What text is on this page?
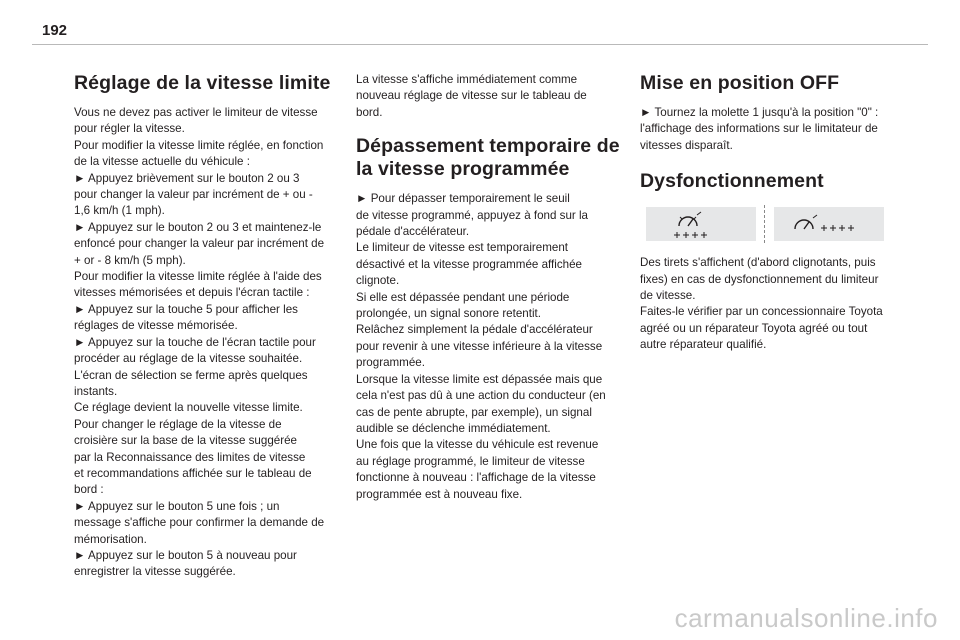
192
Réglage de la vitesse limite

Vous ne devez pas activer le limiteur de vitesse
pour régler la vitesse.
Pour modifier la vitesse limite réglée, en fonction
de la vitesse actuelle du véhicule :
► Appuyez brièvement sur le bouton 2 ou 3
pour changer la valeur par incrément de + ou -
1,6 km/h (1 mph).
► Appuyez sur le bouton 2 ou 3 et maintenez-le
enfoncé pour changer la valeur par incrément de
+ or - 8 km/h (5 mph).
Pour modifier la vitesse limite réglée à l'aide des
vitesses mémorisées et depuis l'écran tactile :
► Appuyez sur la touche 5 pour afficher les
réglages de vitesse mémorisée.
► Appuyez sur la touche de l'écran tactile pour
procéder au réglage de la vitesse souhaitée.
L'écran de sélection se ferme après quelques
instants.
Ce réglage devient la nouvelle vitesse limite.
Pour changer le réglage de la vitesse de
croisière sur la base de la vitesse suggérée
par la Reconnaissance des limites de vitesse
et recommandations affichée sur le tableau de
bord :
► Appuyez sur le bouton 5 une fois ; un
message s'affiche pour confirmer la demande de
mémorisation.
► Appuyez sur le bouton 5 à nouveau pour
enregistrer la vitesse suggérée.

La vitesse s'affiche immédiatement comme
nouveau réglage de vitesse sur le tableau de
bord.

Dépassement temporaire de la vitesse programmée

► Pour dépasser temporairement le seuil
de vitesse programmé, appuyez à fond sur la
pédale d'accélérateur.
Le limiteur de vitesse est temporairement
désactivé et la vitesse programmée affichée
clignote.
Si elle est dépassée pendant une période
prolongée, un signal sonore retentit.
Relâchez simplement la pédale d'accélérateur
pour revenir à une vitesse inférieure à la vitesse
programmée.
Lorsque la vitesse limite est dépassée mais que
cela n'est pas dû à une action du conducteur (en
cas de pente abrupte, par exemple), un signal
audible se déclenche immédiatement.
Une fois que la vitesse du véhicule est revenue
au réglage programmé, le limiteur de vitesse
fonctionne à nouveau : l'affichage de la vitesse
programmée est à nouveau fixe.

Mise en position OFF

► Tournez la molette 1 jusqu'à la position "0" :
l'affichage des informations sur le limitateur de
vitesses disparaît.

Dysfonctionnement

Des tirets s'affichent (d'abord clignotants, puis
fixes) en cas de dysfonctionnement du limiteur
de vitesse.
Faites-le vérifier par un concessionnaire Toyota
agréé ou un réparateur Toyota agréé ou tout
autre réparateur qualifié.

carmanualsonline.info
